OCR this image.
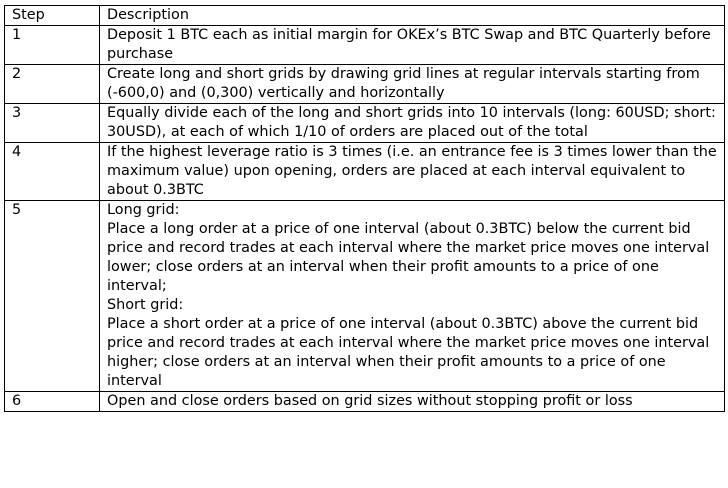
Step	Description
1	Deposit 1 BTC each as initial margin for OKEx’s BTC Swap and BTC Quarterly before purchase

2	Create long and short grids by drawing grid lines at regular intervals starting from (-600,0) and (0,300) vertically and horizontally

3	Equally divide each of the long and short grids into 10 intervals (long: 60USD; short: 30USD), at each of which 1/10 of orders are placed out of the total

4	If the highest leverage ratio is 3 times (i.e. an entrance fee is 3 times lower than the maximum value) upon opening, orders are placed at each interval equivalent to about 0.3BTC

5	Long grid:
Place a long order at a price of one interval (about 0.3BTC) below the current bid price and record trades at each interval where the market price moves one interval lower; close orders at an interval when their profit amounts to a price of one interval;
Short grid:
Place a short order at a price of one interval (about 0.3BTC) above the current bid price and record trades at each interval where the market price moves one interval higher; close orders at an interval when their profit amounts to a price of one interval

6	Open and close orders based on grid sizes without stopping profit or loss
